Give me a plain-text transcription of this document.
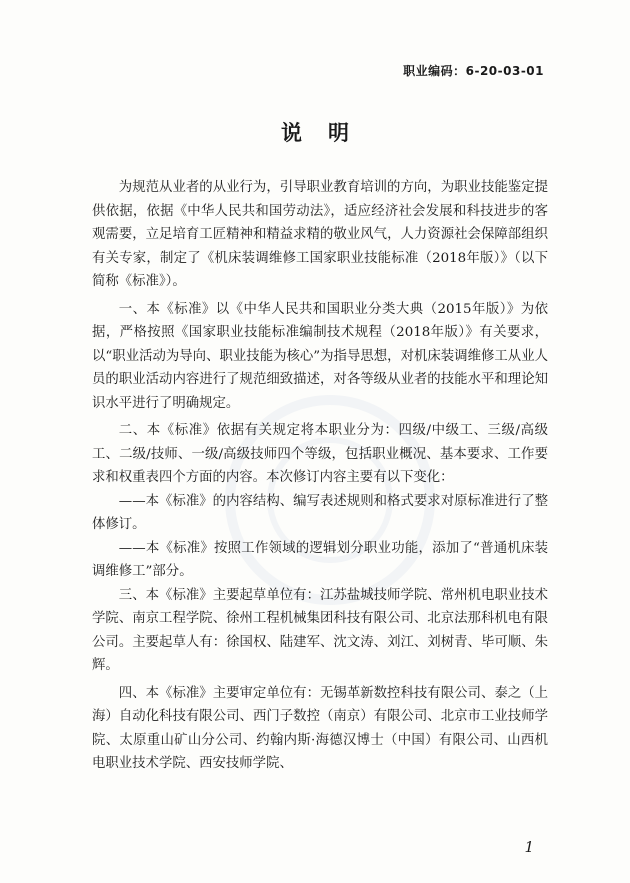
职业编码：6-20-03-01
说明

为规范从业者的从业行为，引导职业教育培训的方向，为职业技能鉴定提供依据，依据《中华人民共和国劳动法》，适应经济社会发展和科技进步的客观需要，立足培育工匠精神和精益求精的敬业风气，人力资源社会保障部组织有关专家，制定了《机床装调维修工国家职业技能标准（2018年版）》（以下简称《标准》）。

一、本《标准》以《中华人民共和国职业分类大典（2015年版）》为依据，严格按照《国家职业技能标准编制技术规程（2018年版）》有关要求，以“职业活动为导向、职业技能为核心”为指导思想，对机床装调维修工从业人员的职业活动内容进行了规范细致描述，对各等级从业者的技能水平和理论知识水平进行了明确规定。

二、本《标准》依据有关规定将本职业分为：四级/中级工、三级/高级工、二级/技师、一级/高级技师四个等级，包括职业概况、基本要求、工作要求和权重表四个方面的内容。本次修订内容主要有以下变化：

——本《标准》的内容结构、编写表述规则和格式要求对原标准进行了整体修订。

——本《标准》按照工作领域的逻辑划分职业功能，添加了“普通机床装调维修工”部分。

三、本《标准》主要起草单位有：江苏盐城技师学院、常州机电职业技术学院、南京工程学院、徐州工程机械集团科技有限公司、北京法那科机电有限公司。主要起草人有：徐国权、陆建军、沈文涛、刘江、刘树青、毕可顺、朱辉。

四、本《标准》主要审定单位有：无锡革新数控科技有限公司、泰之（上海）自动化科技有限公司、西门子数控（南京）有限公司、北京市工业技师学院、太原重山矿山分公司、约翰内斯·海德汉博士（中国）有限公司、山西机电职业技术学院、西安技师学院、

1
